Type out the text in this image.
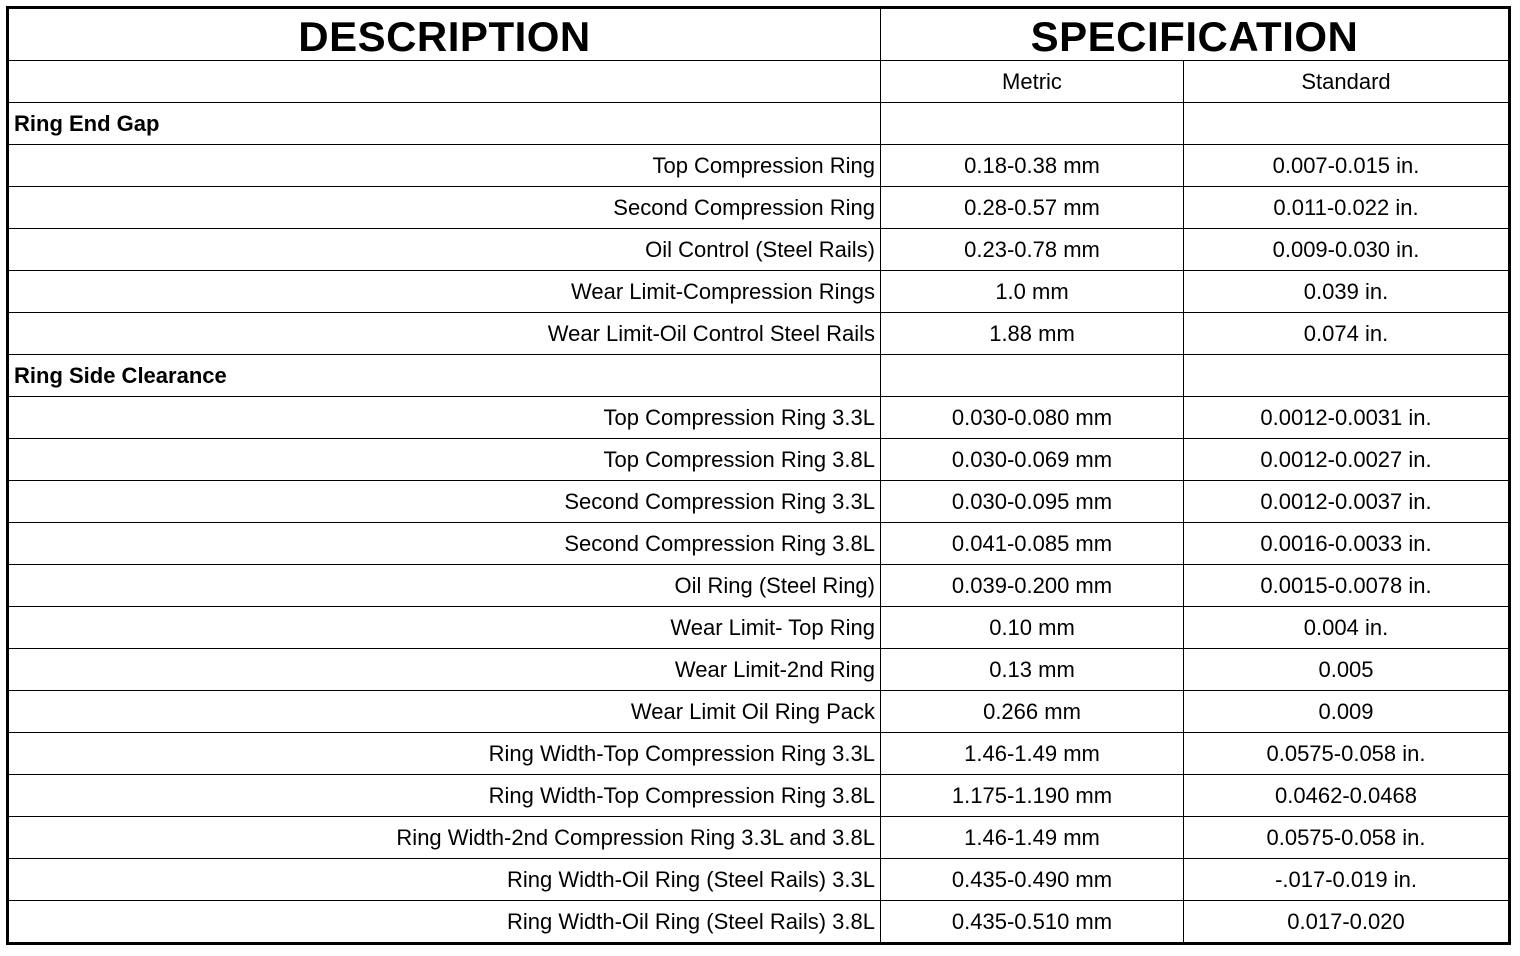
DESCRIPTION	SPECIFICATION	
	Metric	Standard
Ring End Gap		
Top Compression Ring	0.18-0.38 mm	0.007-0.015 in.
Second Compression Ring	0.28-0.57 mm	0.011-0.022 in.
Oil Control (Steel Rails)	0.23-0.78 mm	0.009-0.030 in.
Wear Limit-Compression Rings	1.0 mm	0.039 in.
Wear Limit-Oil Control Steel Rails	1.88 mm	0.074 in.
Ring Side Clearance		
Top Compression Ring 3.3L	0.030-0.080 mm	0.0012-0.0031 in.
Top Compression Ring 3.8L	0.030-0.069 mm	0.0012-0.0027 in.
Second Compression Ring 3.3L	0.030-0.095 mm	0.0012-0.0037 in.
Second Compression Ring 3.8L	0.041-0.085 mm	0.0016-0.0033 in.
Oil Ring (Steel Ring)	0.039-0.200 mm	0.0015-0.0078 in.
Wear Limit- Top Ring	0.10 mm	0.004 in.
Wear Limit-2nd Ring	0.13 mm	0.005
Wear Limit Oil Ring Pack	0.266 mm	0.009
Ring Width-Top Compression Ring 3.3L	1.46-1.49 mm	0.0575-0.058 in.
Ring Width-Top Compression Ring 3.8L	1.175-1.190 mm	0.0462-0.0468
Ring Width-2nd Compression Ring 3.3L and 3.8L	1.46-1.49 mm	0.0575-0.058 in.
Ring Width-Oil Ring (Steel Rails) 3.3L	0.435-0.490 mm	-.017-0.019 in.
Ring Width-Oil Ring (Steel Rails) 3.8L	0.435-0.510 mm	0.017-0.020
